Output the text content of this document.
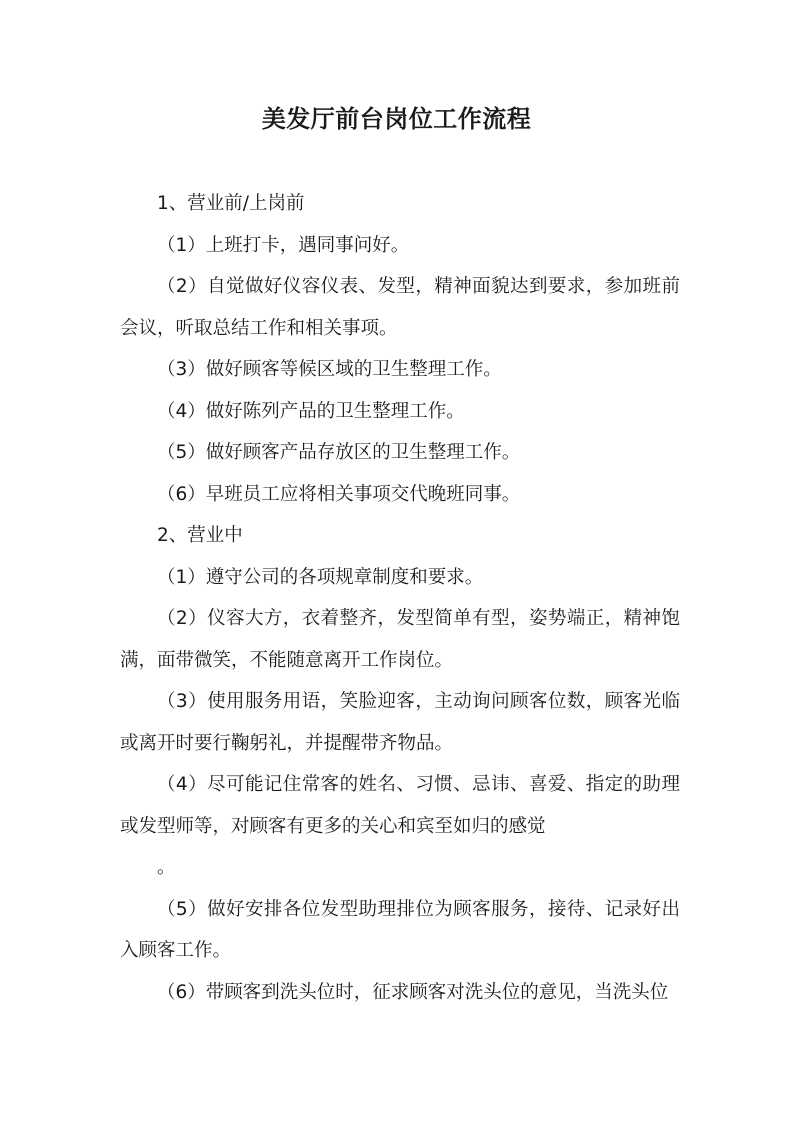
美发厅前台岗位工作流程

1、营业前/上岗前

（1）上班打卡，遇同事问好。

（2）自觉做好仪容仪表、发型，精神面貌达到要求，参加班前会议，听取总结工作和相关事项。

（3）做好顾客等候区域的卫生整理工作。

（4）做好陈列产品的卫生整理工作。

（5）做好顾客产品存放区的卫生整理工作。

（6）早班员工应将相关事项交代晚班同事。

2、营业中

（1）遵守公司的各项规章制度和要求。

（2）仪容大方，衣着整齐，发型简单有型，姿势端正，精神饱满，面带微笑，不能随意离开工作岗位。

（3）使用服务用语，笑脸迎客，主动询问顾客位数，顾客光临或离开时要行鞠躬礼，并提醒带齐物品。

（4）尽可能记住常客的姓名、习惯、忌讳、喜爱、指定的助理或发型师等，对顾客有更多的关心和宾至如归的感觉

。

（5）做好安排各位发型助理排位为顾客服务，接待、记录好出入顾客工作。

（6）带顾客到洗头位时，征求顾客对洗头位的意见，当洗头位
